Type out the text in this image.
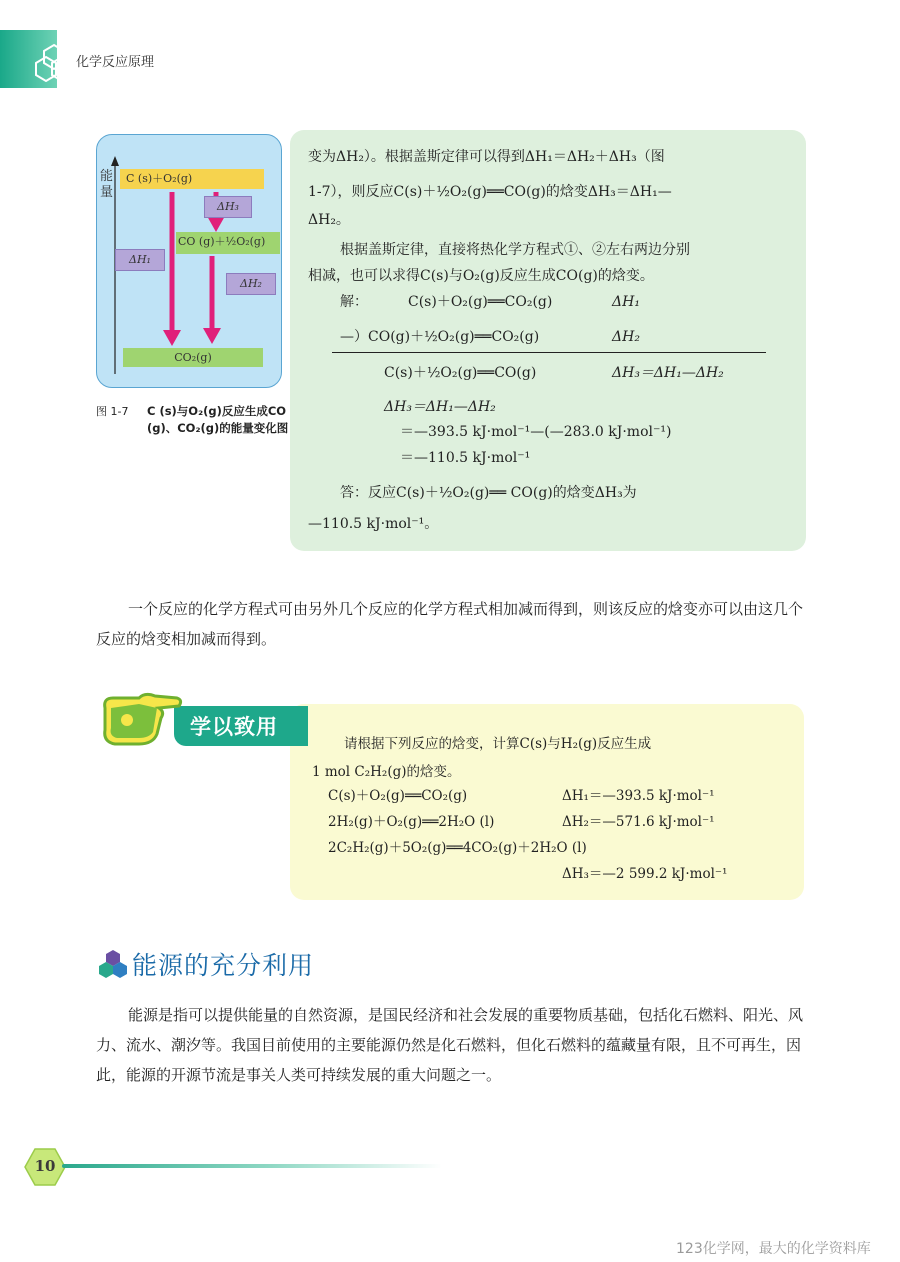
化学反应原理
能量
C (s)＋O₂(g)
CO (g)＋½O₂(g)
CO₂(g)
ΔH₃
ΔH₁
ΔH₂
图 1-7 C (s)与O₂(g)反应生成CO (g)、CO₂(g)的能量变化图
变为ΔH₂）。根据盖斯定律可以得到ΔH₁＝ΔH₂＋ΔH₃（图
1-7），则反应C(s)＋½O₂(g)══CO(g)的焓变ΔH₃＝ΔH₁—
ΔH₂。
根据盖斯定律，直接将热化学方程式①、②左右两边分别
相减，也可以求得C(s)与O₂(g)反应生成CO(g)的焓变。
解：	C(s)＋O₂(g)══CO₂(g)	ΔH₁
—）CO(g)＋½O₂(g)══CO₂(g)	ΔH₂
C(s)＋½O₂(g)══CO(g)	ΔH₃＝ΔH₁—ΔH₂
ΔH₃＝ΔH₁—ΔH₂
＝—393.5 kJ·mol⁻¹—(—283.0 kJ·mol⁻¹)
＝—110.5 kJ·mol⁻¹
答：反应C(s)＋½O₂(g)══ CO(g)的焓变ΔH₃为
—110.5 kJ·mol⁻¹。
一个反应的化学方程式可由另外几个反应的化学方程式相加减而得到，则该反应的焓变亦可以由这几个反应的焓变相加减而得到。
学以致用
请根据下列反应的焓变，计算C(s)与H₂(g)反应生成
1 mol C₂H₂(g)的焓变。
C(s)＋O₂(g)══CO₂(g)	ΔH₁＝—393.5 kJ·mol⁻¹
2H₂(g)＋O₂(g)══2H₂O (l)	ΔH₂＝—571.6 kJ·mol⁻¹
2C₂H₂(g)＋5O₂(g)══4CO₂(g)＋2H₂O (l)
ΔH₃＝—2 599.2 kJ·mol⁻¹
能源的充分利用
能源是指可以提供能量的自然资源，是国民经济和社会发展的重要物质基础，包括化石燃料、阳光、风力、流水、潮汐等。我国目前使用的主要能源仍然是化石燃料，但化石燃料的蕴藏量有限，且不可再生，因此，能源的开源节流是事关人类可持续发展的重大问题之一。
10
123化学网，最大的化学资料库
